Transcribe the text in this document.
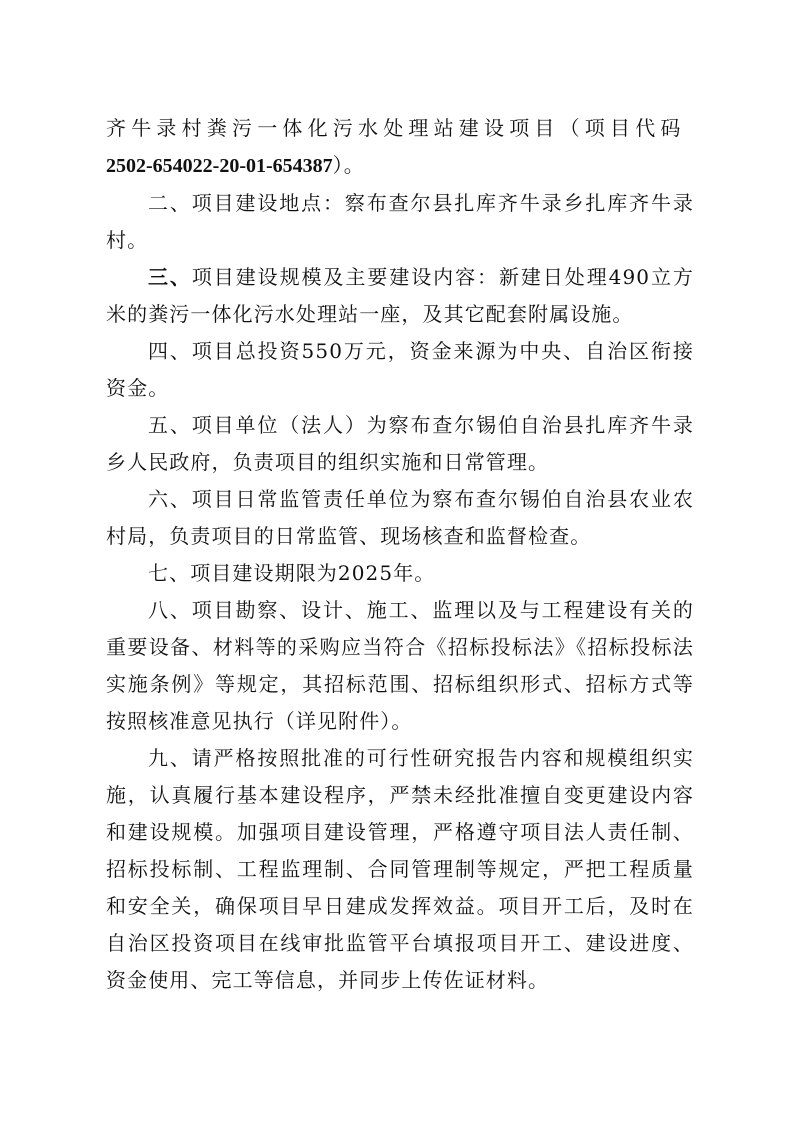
齐牛录村粪污一体化污水处理站建设项目（项目代码
2502-654022-20-01-654387）。

二、项目建设地点：察布查尔县扎库齐牛录乡扎库齐牛录村。

三、项目建设规模及主要建设内容：新建日处理490立方米的粪污一体化污水处理站一座，及其它配套附属设施。

四、项目总投资550万元，资金来源为中央、自治区衔接资金。

五、项目单位（法人）为察布查尔锡伯自治县扎库齐牛录乡人民政府，负责项目的组织实施和日常管理。

六、项目日常监管责任单位为察布查尔锡伯自治县农业农村局，负责项目的日常监管、现场核查和监督检查。

七、项目建设期限为2025年。

八、项目勘察、设计、施工、监理以及与工程建设有关的重要设备、材料等的采购应当符合《招标投标法》《招标投标法实施条例》等规定，其招标范围、招标组织形式、招标方式等按照核准意见执行（详见附件）。

九、请严格按照批准的可行性研究报告内容和规模组织实施，认真履行基本建设程序，严禁未经批准擅自变更建设内容和建设规模。加强项目建设管理，严格遵守项目法人责任制、招标投标制、工程监理制、合同管理制等规定，严把工程质量和安全关，确保项目早日建成发挥效益。项目开工后，及时在自治区投资项目在线审批监管平台填报项目开工、建设进度、资金使用、完工等信息，并同步上传佐证材料。
